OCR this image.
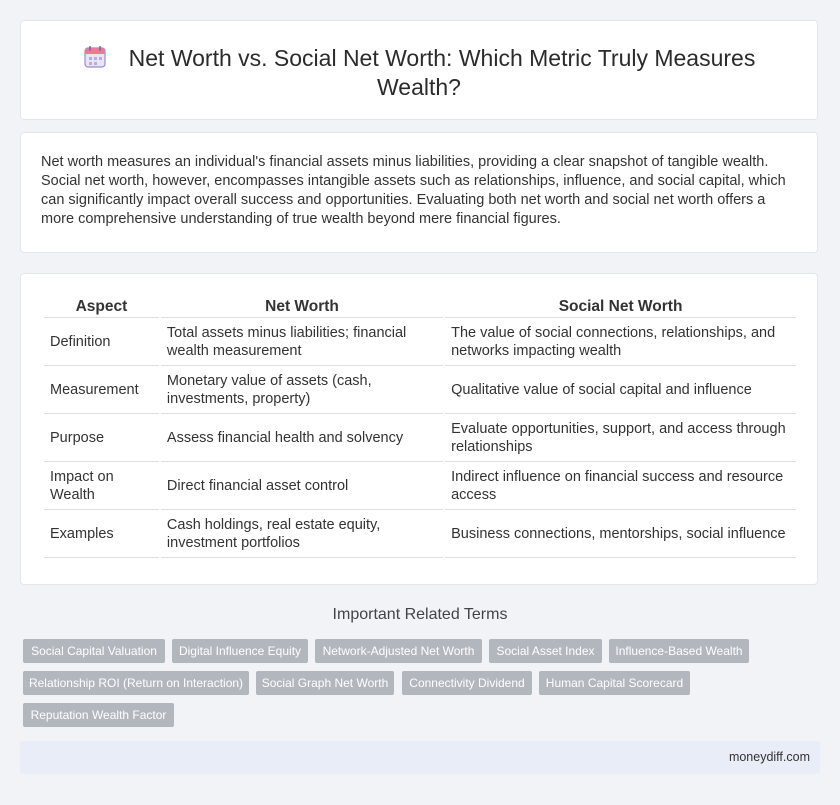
Net Worth vs. Social Net Worth: Which Metric Truly Measures Wealth?
Net worth measures an individual's financial assets minus liabilities, providing a clear snapshot of tangible wealth. Social net worth, however, encompasses intangible assets such as relationships, influence, and social capital, which can significantly impact overall success and opportunities. Evaluating both net worth and social net worth offers a more comprehensive understanding of true wealth beyond mere financial figures.
Aspect	Net Worth	Social Net Worth
Definition	Total assets minus liabilities; financial wealth measurement	The value of social connections, relationships, and networks impacting wealth
Measurement	Monetary value of assets (cash, investments, property)	Qualitative value of social capital and influence
Purpose	Assess financial health and solvency	Evaluate opportunities, support, and access through relationships
Impact on Wealth	Direct financial asset control	Indirect influence on financial success and resource access
Examples	Cash holdings, real estate equity, investment portfolios	Business connections, mentorships, social influence
Important Related Terms
Social Capital Valuation	Digital Influence Equity	Network-Adjusted Net Worth	Social Asset Index	Influence-Based Wealth
Relationship ROI (Return on Interaction)	Social Graph Net Worth	Connectivity Dividend	Human Capital Scorecard
Reputation Wealth Factor
moneydiff.com
